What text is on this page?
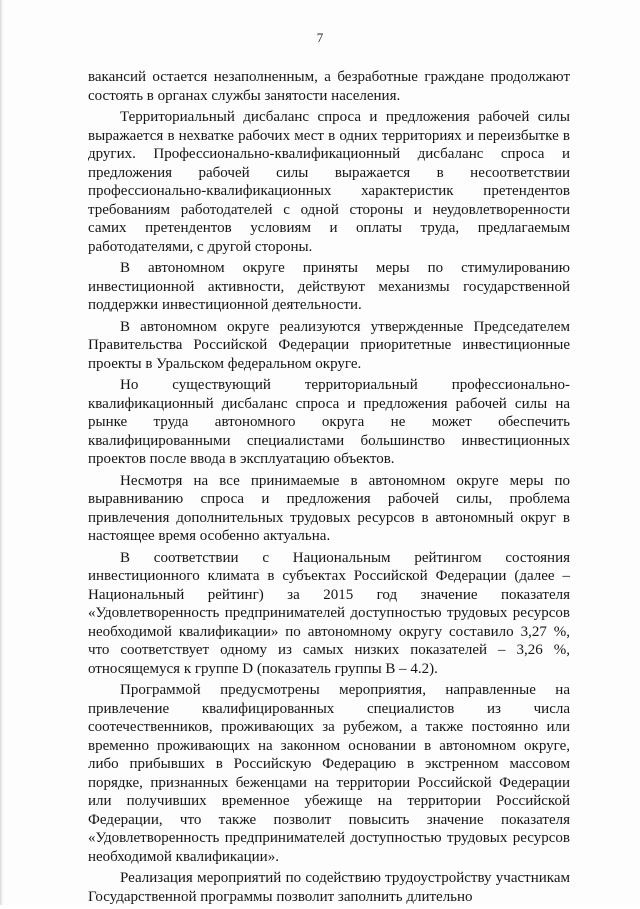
7

вакансий остается незаполненным, а безработные граждане продолжают состоять в органах службы занятости населения.

Территориальный дисбаланс спроса и предложения рабочей силы выражается в нехватке рабочих мест в одних территориях и переизбытке в других. Профессионально-квалификационный дисбаланс спроса и предложения рабочей силы выражается в несоответствии профессионально-квалификационных характеристик претендентов требованиям работодателей с одной стороны и неудовлетворенности самих претендентов условиям и оплаты труда, предлагаемым работодателями, с другой стороны.

В автономном округе приняты меры по стимулированию инвестиционной активности, действуют механизмы государственной поддержки инвестиционной деятельности.

В автономном округе реализуются утвержденные Председателем Правительства Российской Федерации приоритетные инвестиционные проекты в Уральском федеральном округе.

Но существующий территориальный профессионально-квалификационный дисбаланс спроса и предложения рабочей силы на рынке труда автономного округа не может обеспечить квалифицированными специалистами большинство инвестиционных проектов после ввода в эксплуатацию объектов.

Несмотря на все принимаемые в автономном округе меры по выравниванию спроса и предложения рабочей силы, проблема привлечения дополнительных трудовых ресурсов в автономный округ в настоящее время особенно актуальна.

В соответствии с Национальным рейтингом состояния инвестиционного климата в субъектах Российской Федерации (далее – Национальный рейтинг) за 2015 год значение показателя «Удовлетворенность предпринимателей доступностью трудовых ресурсов необходимой квалификации» по автономному округу составило 3,27 %, что соответствует одному из самых низких показателей – 3,26 %, относящемуся к группе D (показатель группы В – 4.2).

Программой предусмотрены мероприятия, направленные на привлечение квалифицированных специалистов из числа соотечественников, проживающих за рубежом, а также постоянно или временно проживающих на законном основании в автономном округе, либо прибывших в Российскую Федерацию в экстренном массовом порядке, признанных беженцами на территории Российской Федерации или получивших временное убежище на территории Российской Федерации, что также позволит повысить значение показателя «Удовлетворенность предпринимателей доступностью трудовых ресурсов необходимой квалификации».

Реализация мероприятий по содействию трудоустройству участникам Государственной программы позволит заполнить длительно
